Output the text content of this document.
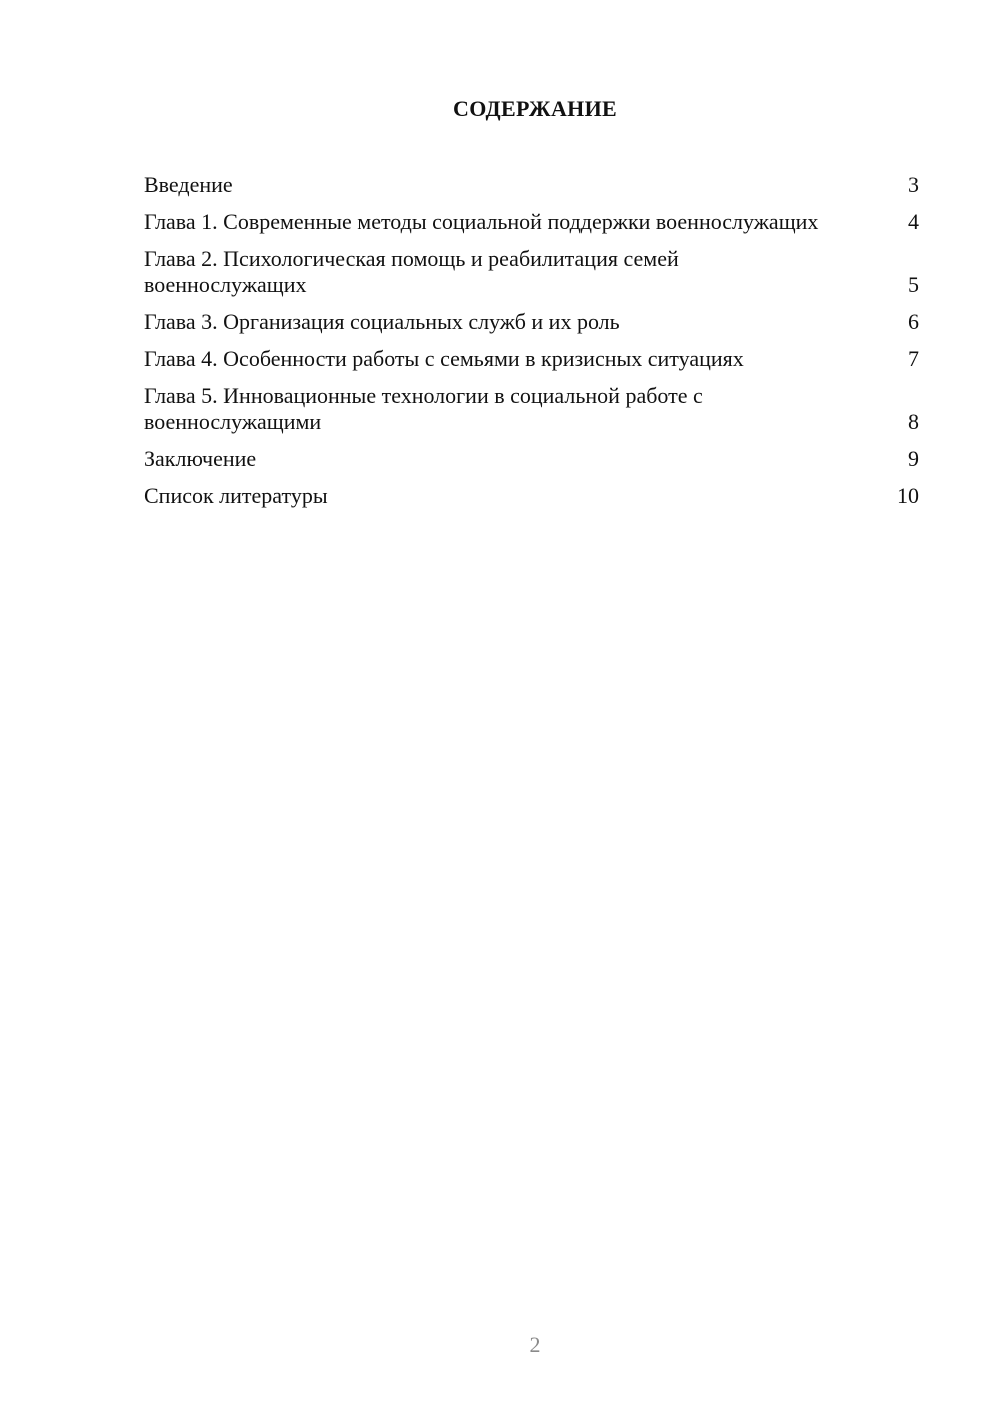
СОДЕРЖАНИЕ
Введение	3
Глава 1. Современные методы социальной поддержки военнослужащих	4
Глава 2. Психологическая помощь и реабилитация семей военнослужащих	5
Глава 3. Организация социальных служб и их роль	6
Глава 4. Особенности работы с семьями в кризисных ситуациях	7
Глава 5. Инновационные технологии в социальной работе с военнослужащими	8
Заключение	9
Список литературы	10
2
